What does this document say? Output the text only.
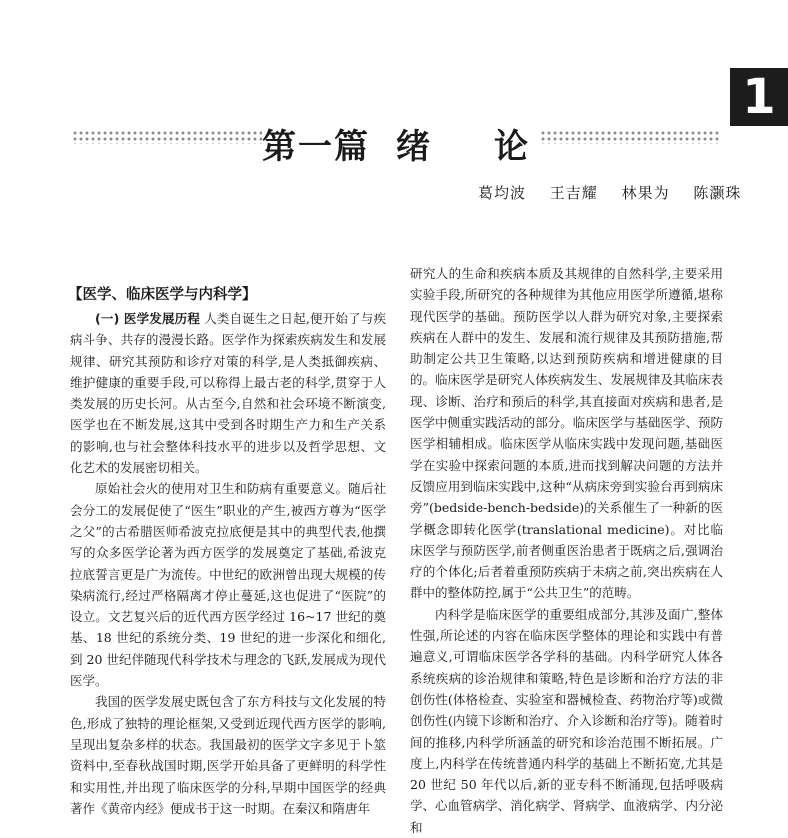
1
第一篇 绪 论
葛均波 王吉耀 林果为 陈灏珠
【医学、临床医学与内科学】

(一) 医学发展历程 人类自诞生之日起,便开始了与疾病斗争、共存的漫漫长路。医学作为探索疾病发生和发展规律、研究其预防和诊疗对策的科学,是人类抵御疾病、维护健康的重要手段,可以称得上最古老的科学,贯穿于人类发展的历史长河。从古至今,自然和社会环境不断演变,医学也在不断发展,这其中受到各时期生产力和生产关系的影响,也与社会整体科技水平的进步以及哲学思想、文化艺术的发展密切相关。

原始社会火的使用对卫生和防病有重要意义。随后社会分工的发展促使了“医生”职业的产生,被西方尊为“医学之父”的古希腊医师希波克拉底便是其中的典型代表,他撰写的众多医学论著为西方医学的发展奠定了基础,希波克拉底誓言更是广为流传。中世纪的欧洲曾出现大规模的传染病流行,经过严格隔离才停止蔓延,这也促进了“医院”的设立。文艺复兴后的近代西方医学经过 16~17 世纪的奠基、18 世纪的系统分类、19 世纪的进一步深化和细化,到 20 世纪伴随现代科学技术与理念的飞跃,发展成为现代医学。

我国的医学发展史既包含了东方科技与文化发展的特色,形成了独特的理论框架,又受到近现代西方医学的影响,呈现出复杂多样的状态。我国最初的医学文字多见于卜筮资料中,至春秋战国时期,医学开始具备了更鲜明的科学性和实用性,并出现了临床医学的分科,早期中国医学的经典著作《黄帝内经》便成书于这一时期。在秦汉和隋唐年

研究人的生命和疾病本质及其规律的自然科学,主要采用实验手段,所研究的各种规律为其他应用医学所遵循,堪称现代医学的基础。预防医学以人群为研究对象,主要探索疾病在人群中的发生、发展和流行规律及其预防措施,帮助制定公共卫生策略,以达到预防疾病和增进健康的目的。临床医学是研究人体疾病发生、发展规律及其临床表现、诊断、治疗和预后的科学,其直接面对疾病和患者,是医学中侧重实践活动的部分。临床医学与基础医学、预防医学相辅相成。临床医学从临床实践中发现问题,基础医学在实验中探索问题的本质,进而找到解决问题的方法并反馈应用到临床实践中,这种“从病床旁到实验台再到病床旁”(bedside-bench-bedside)的关系催生了一种新的医学概念即转化医学(translational medicine)。对比临床医学与预防医学,前者侧重医治患者于既病之后,强调治疗的个体化;后者着重预防疾病于未病之前,突出疾病在人群中的整体防控,属于“公共卫生”的范畴。

内科学是临床医学的重要组成部分,其涉及面广,整体性强,所论述的内容在临床医学整体的理论和实践中有普遍意义,可谓临床医学各学科的基础。内科学研究人体各系统疾病的诊治规律和策略,特色是诊断和治疗方法的非创伤性(体格检查、实验室和器械检查、药物治疗等)或微创伤性(内镜下诊断和治疗、介入诊断和治疗等)。随着时间的推移,内科学所涵盖的研究和诊治范围不断拓展。广度上,内科学在传统普通内科学的基础上不断拓宽,尤其是 20 世纪 50 年代以后,新的亚专科不断涌现,包括呼吸病学、心血管病学、消化病学、肾病学、血液病学、内分泌和
